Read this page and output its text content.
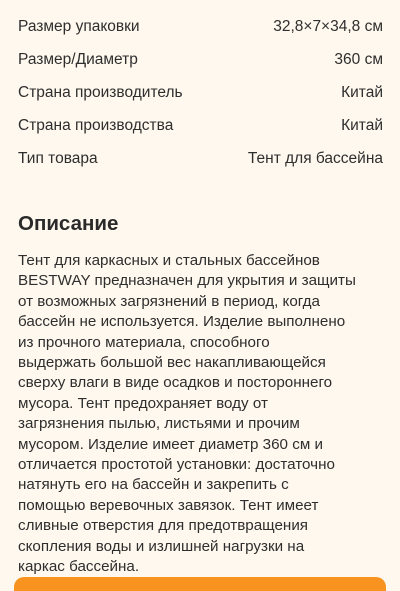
Размер упаковки	32,8×7×34,8 см
Размер/Диаметр	360 см
Страна производитель	Китай
Страна производства	Китай
Тип товара	Тент для бассейна
Описание

Тент для каркасных и стальных бассейнов
BESTWAY предназначен для укрытия и защиты
от возможных загрязнений в период, когда
бассейн не используется. Изделие выполнено
из прочного материала, способного
выдержать большой вес накапливающейся
сверху влаги в виде осадков и постороннего
мусора. Тент предохраняет воду от
загрязнения пылью, листьями и прочим
мусором. Изделие имеет диаметр 360 см и
отличается простотой установки: достаточно
натянуть его на бассейн и закрепить с
помощью веревочных завязок. Тент имеет
сливные отверстия для предотвращения
скопления воды и излишней нагрузки на
каркас бассейна.
